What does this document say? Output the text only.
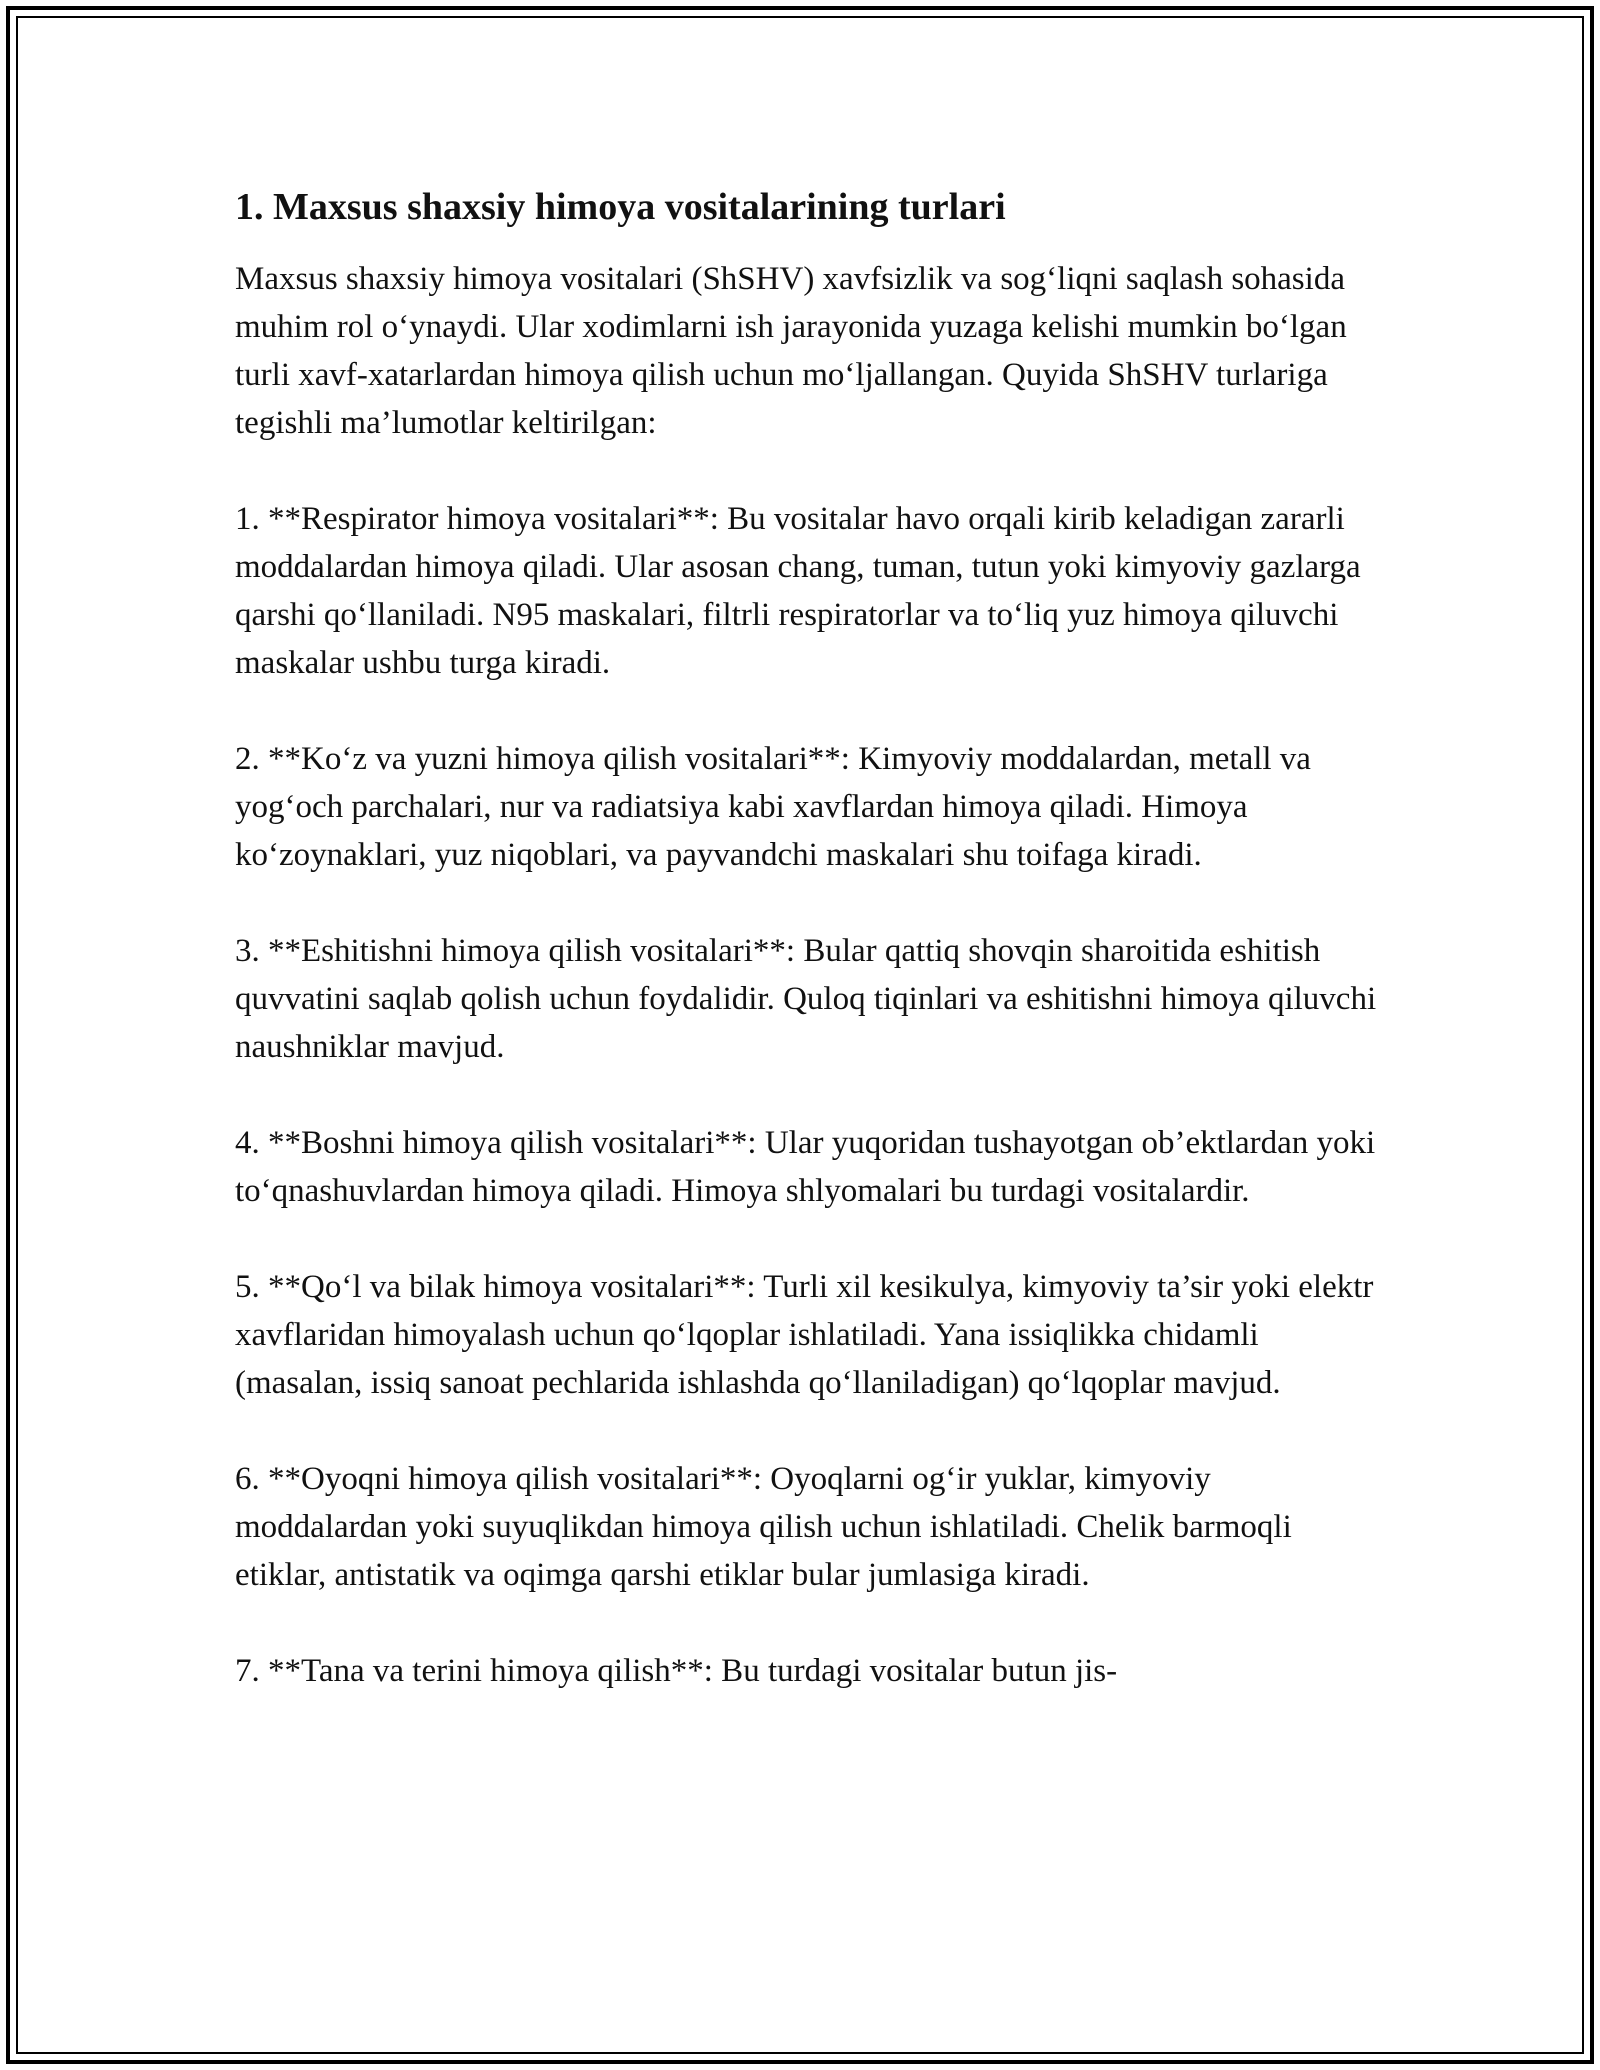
1. Maxsus shaxsiy himoya vositalarining turlari

Maxsus shaxsiy himoya vositalari (ShSHV) xavfsizlik va sog‘liqni saqlash sohasida muhim rol o‘ynaydi. Ular xodimlarni ish jarayonida yuzaga kelishi mumkin bo‘lgan turli xavf-xatarlardan himoya qilish uchun mo‘ljallangan. Quyida ShSHV turlariga tegishli ma’lumotlar keltirilgan:

1. **Respirator himoya vositalari**: Bu vositalar havo orqali kirib keladigan zararli moddalardan himoya qiladi. Ular asosan chang, tuman, tutun yoki kimyoviy gazlarga qarshi qo‘llaniladi. N95 maskalari, filtrli respiratorlar va to‘liq yuz himoya qiluvchi maskalar ushbu turga kiradi.

2. **Ko‘z va yuzni himoya qilish vositalari**: Kimyoviy moddalardan, metall va yog‘och parchalari, nur va radiatsiya kabi xavflardan himoya qiladi. Himoya ko‘zoynaklari, yuz niqoblari, va payvandchi maskalari shu toifaga kiradi.

3. **Eshitishni himoya qilish vositalari**: Bular qattiq shovqin sharoitida eshitish quvvatini saqlab qolish uchun foydalidir. Quloq tiqinlari va eshitishni himoya qiluvchi naushniklar mavjud.

4. **Boshni himoya qilish vositalari**: Ular yuqoridan tushayotgan ob’ektlardan yoki to‘qnashuvlardan himoya qiladi. Himoya shlyomalari bu turdagi vositalardir.

5. **Qo‘l va bilak himoya vositalari**: Turli xil kesikulya, kimyoviy ta’sir yoki elektr xavflaridan himoyalash uchun qo‘lqoplar ishlatiladi. Yana issiqlikka chidamli (masalan, issiq sanoat pechlarida ishlashda qo‘llaniladigan) qo‘lqoplar mavjud.

6. **Oyoqni himoya qilish vositalari**: Oyoqlarni og‘ir yuklar, kimyoviy moddalardan yoki suyuqlikdan himoya qilish uchun ishlatiladi. Chelik barmoqli etiklar, antistatik va oqimga qarshi etiklar bular jumlasiga kiradi.

7. **Tana va terini himoya qilish**: Bu turdagi vositalar butun jis-
